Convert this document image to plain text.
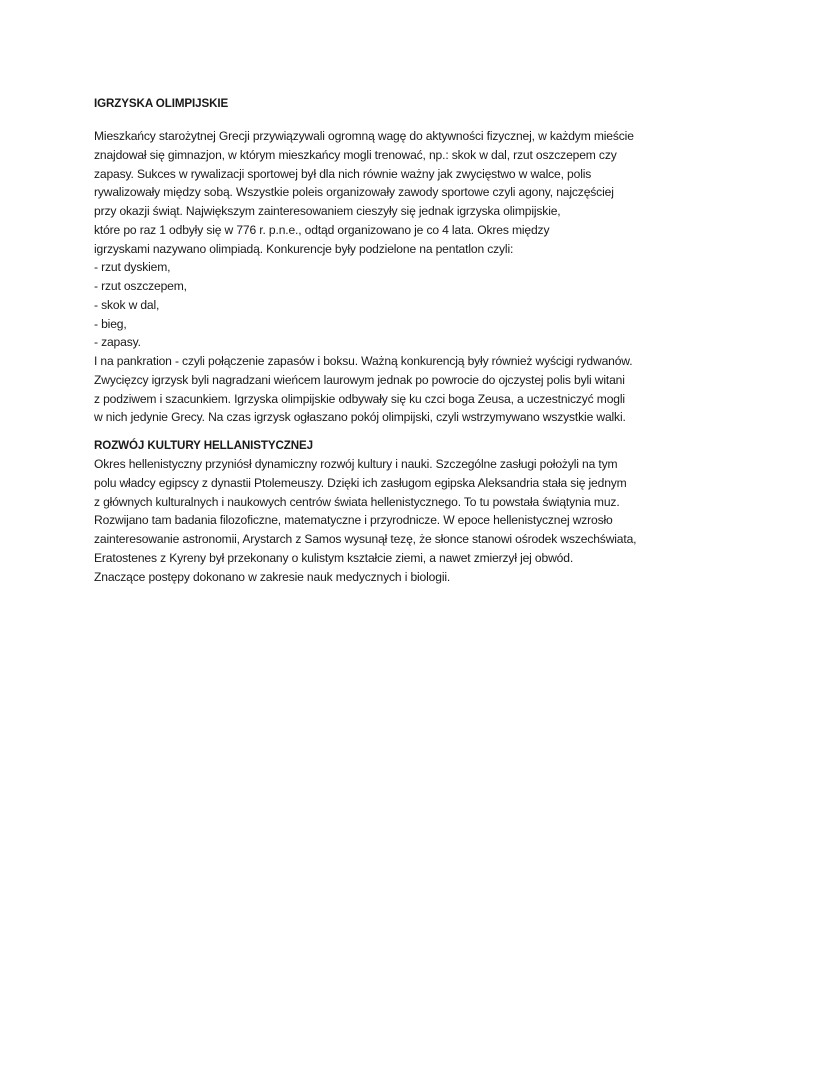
IGRZYSKA OLIMPIJSKIE
Mieszkańcy starożytnej Grecji przywiązywali ogromną wagę do aktywności fizycznej, w każdym mieście
znajdował się gimnazjon, w którym mieszkańcy mogli trenować, np.: skok w dal, rzut oszczepem czy
zapasy. Sukces w rywalizacji sportowej był dla nich równie ważny jak zwycięstwo w walce, polis
rywalizowały między sobą. Wszystkie poleis organizowały zawody sportowe czyli agony, najczęściej
przy okazji świąt. Największym zainteresowaniem cieszyły się jednak igrzyska olimpijskie,
które po raz 1 odbyły się w 776 r. p.n.e., odtąd organizowano je co 4 lata. Okres między
igrzyskami nazywano olimpiadą. Konkurencje były podzielone na pentatlon czyli:
- rzut dyskiem,
- rzut oszczepem,
- skok w dal,
- bieg,
- zapasy.
I na pankration - czyli połączenie zapasów i boksu. Ważną konkurencją były również wyścigi rydwanów.
Zwycięzcy igrzysk byli nagradzani wieńcem laurowym jednak po powrocie do ojczystej polis byli witani
z podziwem i szacunkiem. Igrzyska olimpijskie odbywały się ku czci boga Zeusa, a uczestniczyć mogli
w nich jedynie Grecy. Na czas igrzysk ogłaszano pokój olimpijski, czyli wstrzymywano wszystkie walki.
ROZWÓJ KULTURY HELLANISTYCZNEJ
Okres hellenistyczny przyniósł dynamiczny rozwój kultury i nauki. Szczególne zasługi położyli na tym
polu władcy egipscy z dynastii Ptolemeuszy. Dzięki ich zasługom egipska Aleksandria stała się jednym
z głównych kulturalnych i naukowych centrów świata hellenistycznego. To tu powstała świątynia muz.
Rozwijano tam badania filozoficzne, matematyczne i przyrodnicze. W epoce hellenistycznej wzrosło
zainteresowanie astronomii, Arystarch z Samos wysunął tezę, że słonce stanowi ośrodek wszechświata,
Eratostenes z Kyreny był przekonany o kulistym kształcie ziemi, a nawet zmierzył jej obwód.
Znaczące postępy dokonano w zakresie nauk medycznych i biologii.
